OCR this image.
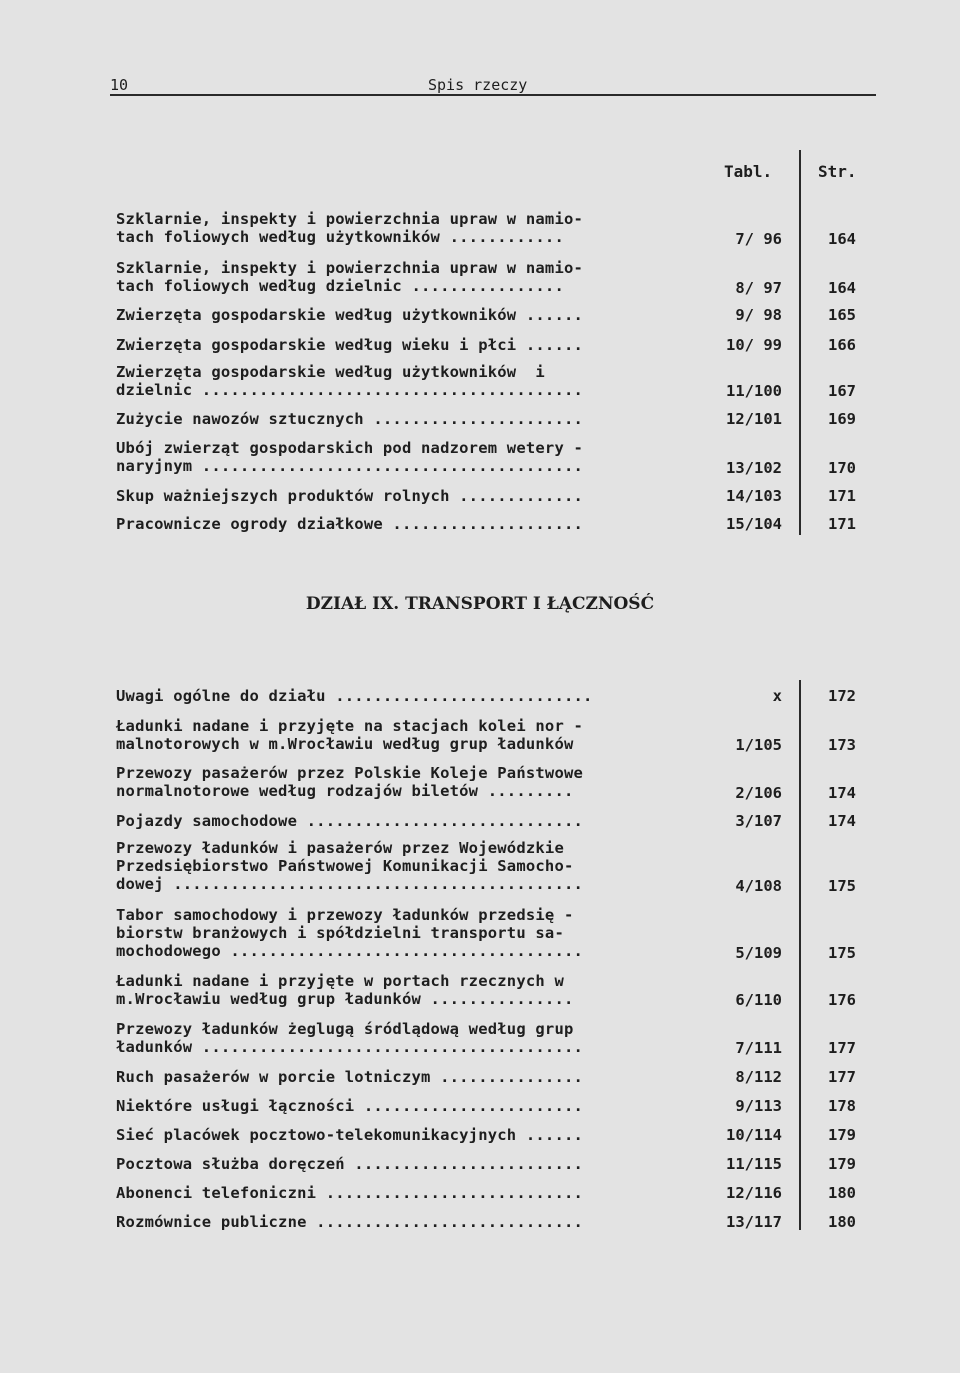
10	Spis rzeczy
Tabl.	Str.
Szklarnie, inspekty i powierzchnia upraw w namio-
tach foliowych według użytkowników ............	7/ 96	164
Szklarnie, inspekty i powierzchnia upraw w namio-
tach foliowych według dzielnic ................	8/ 97	164
Zwierzęta gospodarskie według użytkowników ......	9/ 98	165
Zwierzęta gospodarskie według wieku i płci ......	10/ 99	166
Zwierzęta gospodarskie według użytkowników  i
dzielnic ........................................	11/100	167
Zużycie nawozów sztucznych ......................	12/101	169
Ubój zwierząt gospodarskich pod nadzorem wetery -
naryjnym ........................................	13/102	170
Skup ważniejszych produktów rolnych .............	14/103	171
Pracownicze ogrody działkowe ....................	15/104	171
DZIAŁ IX. TRANSPORT I ŁĄCZNOŚĆ
Uwagi ogólne do działu ...........................	x	172
Ładunki nadane i przyjęte na stacjach kolei nor -
malnotorowych w m.Wrocławiu według grup ładunków	1/105	173
Przewozy pasażerów przez Polskie Koleje Państwowe
normalnotorowe według rodzajów biletów .........	2/106	174
Pojazdy samochodowe .............................	3/107	174
Przewozy ładunków i pasażerów przez Wojewódzkie
Przedsiębiorstwo Państwowej Komunikacji Samocho-
dowej ...........................................	4/108	175
Tabor samochodowy i przewozy ładunków przedsię -
biorstw branżowych i spółdzielni transportu sa-
mochodowego .....................................	5/109	175
Ładunki nadane i przyjęte w portach rzecznych w
m.Wrocławiu według grup ładunków ...............	6/110	176
Przewozy ładunków żeglugą śródlądową według grup
ładunków ........................................	7/111	177
Ruch pasażerów w porcie lotniczym ...............	8/112	177
Niektóre usługi łączności .......................	9/113	178
Sieć placówek pocztowo-telekomunikacyjnych ......	10/114	179
Pocztowa służba doręczeń ........................	11/115	179
Abonenci telefoniczni ...........................	12/116	180
Rozmównice publiczne ............................	13/117	180
